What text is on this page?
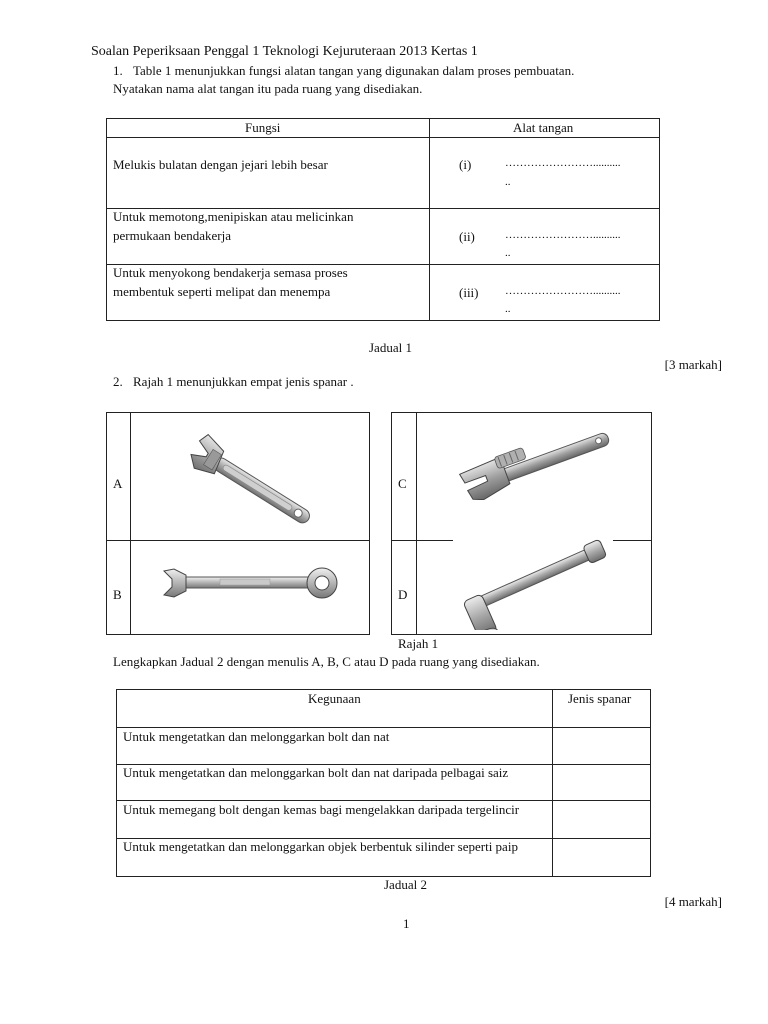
Soalan Peperiksaan Penggal 1 Teknologi Kejuruteraan 2013 Kertas 1
1. Table 1 menunjukkan fungsi alatan tangan yang digunakan dalam proses pembuatan.
Nyatakan nama alat tangan itu pada ruang yang disediakan.
Fungsi	Alat tangan
Melukis bulatan dengan jejari lebih besar	(i)	……………………..........
..
Untuk memotong,menipiskan atau melicinkan
permukaan bendakerja	(ii)	……………………..........
..
Untuk menyokong bendakerja semasa proses
membentuk seperti melipat dan menempa	(iii) ……………………..........
..
Jadual 1
[3 markah]
2. Rajah 1 menunjukkan empat jenis spanar .
A
B
C
D
Rajah 1
Lengkapkan Jadual 2 dengan menulis A, B, C atau D pada ruang yang disediakan.
Kegunaan	Jenis spanar
Untuk mengetatkan dan melonggarkan bolt dan nat
Untuk mengetatkan dan melonggarkan bolt dan nat daripada pelbagai saiz
Untuk memegang bolt dengan kemas bagi mengelakkan daripada tergelincir
Untuk mengetatkan dan melonggarkan objek berbentuk silinder seperti paip
Jadual 2
[4 markah]
1
